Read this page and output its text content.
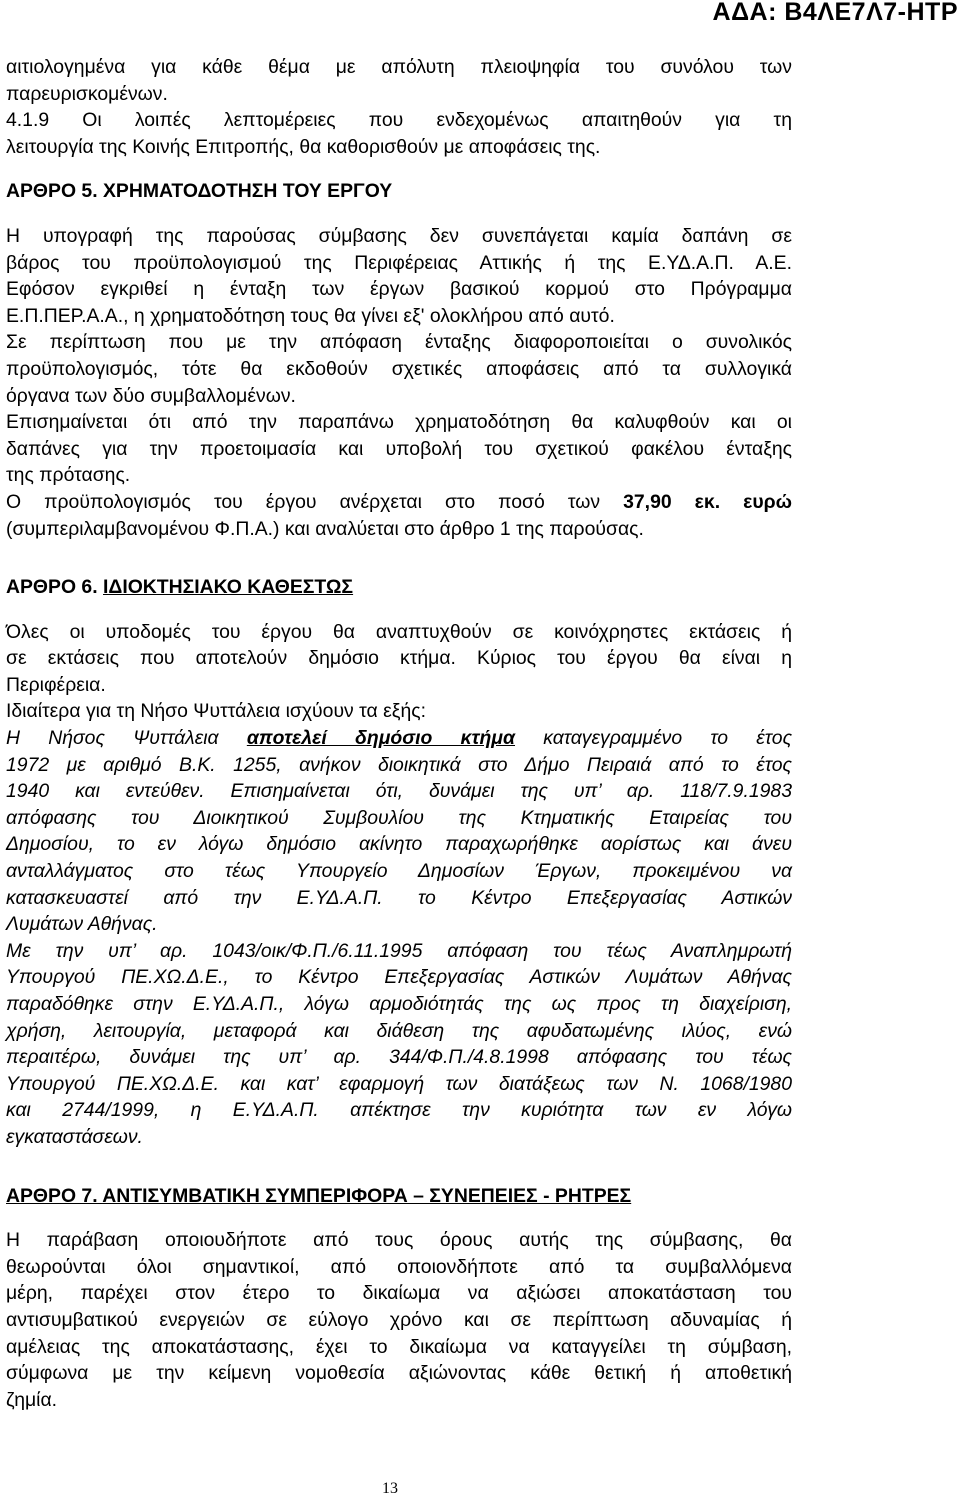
ΑΔΑ: Β4ΛΕ7Λ7-ΗΤΡ
αιτιολογημένα για κάθε θέμα με απόλυτη πλειοψηφία του συνόλου των
παρευρισκομένων.
4.1.9 Οι λοιπές λεπτομέρειες που ενδεχομένως απαιτηθούν για τη
λειτουργία της Κοινής Επιτροπής, θα καθορισθούν με αποφάσεις της.
ΑΡΘΡΟ 5. ΧΡΗΜΑΤΟΔΟΤΗΣΗ ΤΟΥ ΕΡΓΟΥ
Η υπογραφή της παρούσας σύμβασης δεν συνεπάγεται καμία δαπάνη σε
βάρος του προϋπολογισμού της Περιφέρειας Αττικής ή της Ε.ΥΔ.Α.Π. Α.Ε.
Εφόσον εγκριθεί η ένταξη των έργων βασικού κορμού στο Πρόγραμμα
Ε.Π.ΠΕΡ.Α.Α., η χρηματοδότηση τους θα γίνει εξ' ολοκλήρου από αυτό.
Σε περίπτωση που με την απόφαση ένταξης διαφοροποιείται ο συνολικός
προϋπολογισμός, τότε θα εκδοθούν σχετικές αποφάσεις από τα συλλογικά
όργανα των δύο συμβαλλομένων.
Επισημαίνεται ότι από την παραπάνω χρηματοδότηση θα καλυφθούν και οι
δαπάνες για την προετοιμασία και υποβολή του σχετικού φακέλου ένταξης
της πρότασης.
Ο προϋπολογισμός του έργου ανέρχεται στο ποσό των 37,90 εκ. ευρώ
(συμπεριλαμβανομένου Φ.Π.Α.) και αναλύεται στο άρθρο 1 της παρούσας.
ΑΡΘΡΟ 6. ΙΔΙΟΚΤΗΣΙΑΚΟ ΚΑΘΕΣΤΩΣ
Όλες οι υποδομές του έργου θα αναπτυχθούν σε κοινόχρηστες εκτάσεις ή
σε εκτάσεις που αποτελούν δημόσιο κτήμα. Κύριος του έργου θα είναι η
Περιφέρεια.
Ιδιαίτερα για τη Νήσο Ψυττάλεια ισχύουν τα εξής:
Η Νήσος Ψυττάλεια αποτελεί δημόσιο κτήμα καταγεγραμμένο το έτος
1972 με αριθμό Β.Κ. 1255, ανήκον διοικητικά στο Δήμο Πειραιά από το έτος
1940 και εντεύθεν. Επισημαίνεται ότι, δυνάμει της υπ’ αρ. 118/7.9.1983
απόφασης του Διοικητικού Συμβουλίου της Κτηματικής Εταιρείας του
Δημοσίου, το εν λόγω δημόσιο ακίνητο παραχωρήθηκε αορίστως και άνευ
ανταλλάγματος στο τέως Υπουργείο Δημοσίων Έργων, προκειμένου να
κατασκευαστεί από την Ε.ΥΔ.Α.Π. το Κέντρο Επεξεργασίας Αστικών
Λυμάτων Αθήνας.
Με την υπ’ αρ. 1043/οικ/Φ.Π./6.11.1995 απόφαση του τέως Αναπλημρωτή
Υπουργού ΠΕ.ΧΩ.Δ.Ε., το Κέντρο Επεξεργασίας Αστικών Λυμάτων Αθήνας
παραδόθηκε στην Ε.ΥΔ.Α.Π., λόγω αρμοδιότητάς της ως προς τη διαχείριση,
χρήση, λειτουργία, μεταφορά και διάθεση της αφυδατωμένης ιλύος, ενώ
περαιτέρω, δυνάμει της υπ’ αρ. 344/Φ.Π./4.8.1998 απόφασης του τέως
Υπουργού ΠΕ.ΧΩ.Δ.Ε. και κατ’ εφαρμογή των διατάξεως των Ν. 1068/1980
και 2744/1999, η Ε.ΥΔ.Α.Π. απέκτησε την κυριότητα των εν λόγω
εγκαταστάσεων.
ΑΡΘΡΟ 7. ΑΝΤΙΣΥΜΒΑΤΙΚΗ ΣΥΜΠΕΡΙΦΟΡΑ – ΣΥΝΕΠΕΙΕΣ - ΡΗΤΡΕΣ
Η παράβαση οποιουδήποτε από τους όρους αυτής της σύμβασης, θα
θεωρούνται όλοι σημαντικοί, από οποιονδήποτε από τα συμβαλλόμενα
μέρη, παρέχει στον έτερο το δικαίωμα να αξιώσει αποκατάσταση του
αντισυμβατικού ενεργειών σε εύλογο χρόνο και σε περίπτωση αδυναμίας ή
αμέλειας της αποκατάστασης, έχει το δικαίωμα να καταγγείλει τη σύμβαση,
σύμφωνα με την κείμενη νομοθεσία αξιώνοντας κάθε θετική ή αποθετική
ζημία.
13
